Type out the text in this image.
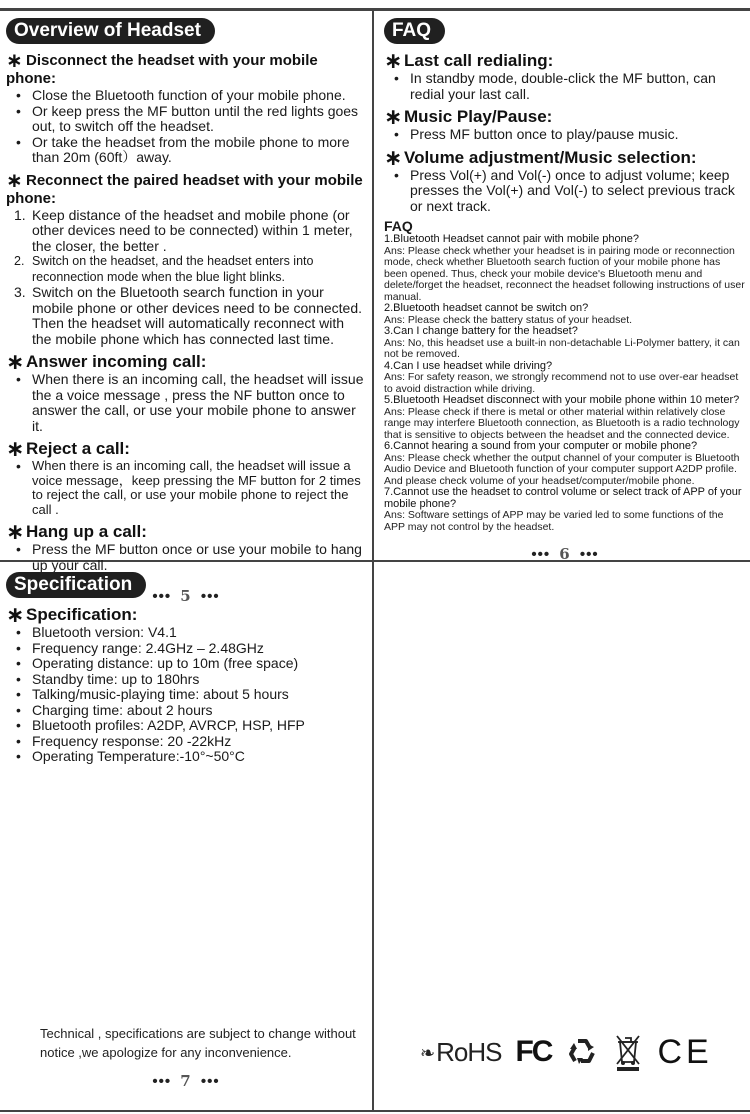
Overview of Headset
∗ Disconnect the headset with your mobile phone:
• Close the Bluetooth function of your mobile phone.
• Or keep press the MF button until the red lights goes out, to switch off the headset.
• Or take the headset from the mobile phone to more than 20m (60ft）away.
∗ Reconnect the paired headset with your mobile phone:
1. Keep distance of the headset and mobile phone (or other devices need to be connected) within 1 meter, the closer, the better .
2. Switch on the headset, and the headset enters into reconnection mode when the blue light blinks.
3. Switch on the Bluetooth search function in your mobile phone or other devices need to be connected. Then the headset will automatically reconnect with the mobile phone which has connected last time.
∗Answer incoming call:
• When there is an incoming call, the headset will issue the a voice message , press the NF button once to answer the call, or use your mobile phone to answer it.
∗Reject a call:
• When there is an incoming call, the headset will issue a voice message，keep pressing the MF button for 2 times to reject the call, or use your mobile phone to reject the call .
∗Hang up a call:
• Press the MF button once or use your mobile to hang up your call.
••• 5 •••
FAQ
∗Last call redialing:
• In standby mode, double-click the MF button, can redial your last call.
∗Music Play/Pause:
• Press MF button once to play/pause music.
∗Volume adjustment/Music selection:
• Press Vol(+) and Vol(-) once to adjust volume; keep presses the Vol(+) and Vol(-) to select previous track or next track.
FAQ
1.Bluetooth Headset cannot pair with mobile phone?
Ans: Please check whether your headset is in pairing mode or reconnection mode, check whether Bluetooth search fuction of your mobile phone has been opened. Thus, check your mobile device's Bluetooth menu and delete/forget the headset, reconnect the headset following instructions of user manual.
2.Bluetooth headset cannot be switch on?
Ans: Please check the battery status of your headset.
3.Can I change battery for the headset?
Ans: No, this headset use a built-in non-detachable Li-Polymer battery, it can not be removed.
4.Can I use headset while driving?
Ans: For safety reason, we strongly recommend not to use over-ear headset to avoid distraction while driving.
5.Bluetooth Headset disconnect with your mobile phone within 10 meter?
Ans: Please check if there is metal or other material within relatively close range may interfere Bluetooth connection, as Bluetooth is a radio technology that is sensitive to objects between the headset and the connected device.
6.Cannot hearing a sound from your computer or mobile phone?
Ans: Please check whether the output channel of your computer is Bluetooth Audio Device and Bluetooth function of your computer support A2DP profile. And please check volume of your headset/computer/mobile phone.
7.Cannot use the headset to control volume or select track of APP of your mobile phone?
Ans: Software settings of APP may be varied led to some functions of the APP may not control by the headset.
••• 6 •••
Specification
∗Specification:
• Bluetooth version: V4.1
• Frequency range: 2.4GHz – 2.48GHz
• Operating distance: up to 10m (free space)
• Standby time: up to 180hrs
• Talking/music-playing time: about 5 hours
• Charging time: about 2 hours
• Bluetooth profiles: A2DP, AVRCP, HSP, HFP
• Frequency response: 20 -22kHz
• Operating Temperature:-10°~50°C
Technical , specifications are subject to change without notice ,we apologize for any inconvenience.
••• 7 •••
❧RoHS FC	CE
